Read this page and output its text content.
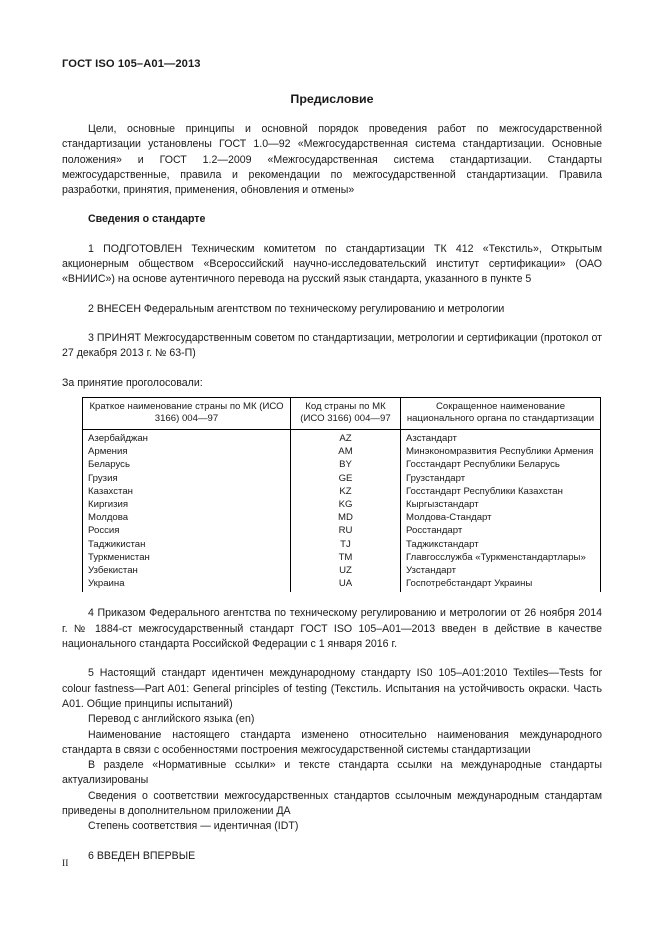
ГОСТ ISO 105–A01—2013
Предисловие

Цели, основные принципы и основной порядок проведения работ по межгосударственной стандартизации установлены ГОСТ 1.0—92 «Межгосударственная система стандартизации. Основные положения» и ГОСТ 1.2—2009 «Межгосударственная система стандартизации. Стандарты межгосударственные, правила и рекомендации по межгосударственной стандартизации. Правила разработки, принятия, применения, обновления и отмены»

Сведения о стандарте

1 ПОДГОТОВЛЕН Техническим комитетом по стандартизации ТК 412 «Текстиль», Открытым акционерным обществом «Всероссийский научно-исследовательский институт сертификации» (ОАО «ВНИИС») на основе аутентичного перевода на русский язык стандарта, указанного в пункте 5

2 ВНЕСЕН Федеральным агентством по техническому регулированию и метрологии

3 ПРИНЯТ Межгосударственным советом по стандартизации, метрологии и сертификации (протокол от 27 декабря 2013 г. № 63-П)

За принятие проголосовали:

Краткое наименование страны по МК (ИСО 3166) 004—97	Код страны по МК (ИСО 3166) 004—97	Сокращенное наименование национального органа по стандартизации
Азербайджан	AZ	Азстандарт
Армения	AM	Минэкономразвития Республики Армения
Беларусь	BY	Госстандарт Республики Беларусь
Грузия	GE	Грузстандарт
Казахстан	KZ	Госстандарт Республики Казахстан
Киргизия	KG	Кыргызстандарт
Молдова	MD	Молдова-Стандарт
Россия	RU	Росстандарт
Таджикистан	TJ	Таджикстандарт
Туркменистан	TM	Главгосслужба «Туркменстандартлары»
Узбекистан	UZ	Узстандарт
Украина	UA	Госпотребстандарт Украины

4 Приказом Федерального агентства по техническому регулированию и метрологии от 26 ноября 2014 г. № 1884-ст межгосударственный стандарт ГОСТ ISO 105–A01—2013 введен в действие в качестве национального стандарта Российской Федерации с 1 января 2016 г.

5 Настоящий стандарт идентичен международному стандарту IS0 105–A01:2010 Textiles—Tests for colour fastness—Part A01: General principles of testing (Текстиль. Испытания на устойчивость окраски. Часть А01. Общие принципы испытаний)

Перевод с английского языка (en)

Наименование настоящего стандарта изменено относительно наименования международного стандарта в связи с особенностями построения межгосударственной системы стандартизации

В разделе «Нормативные ссылки» и тексте стандарта ссылки на международные стандарты актуализированы

Сведения о соответствии межгосударственных стандартов ссылочным международным стандартам приведены в дополнительном приложении ДА

Степень соответствия — идентичная (IDT)

6 ВВЕДЕН ВПЕРВЫЕ

II
